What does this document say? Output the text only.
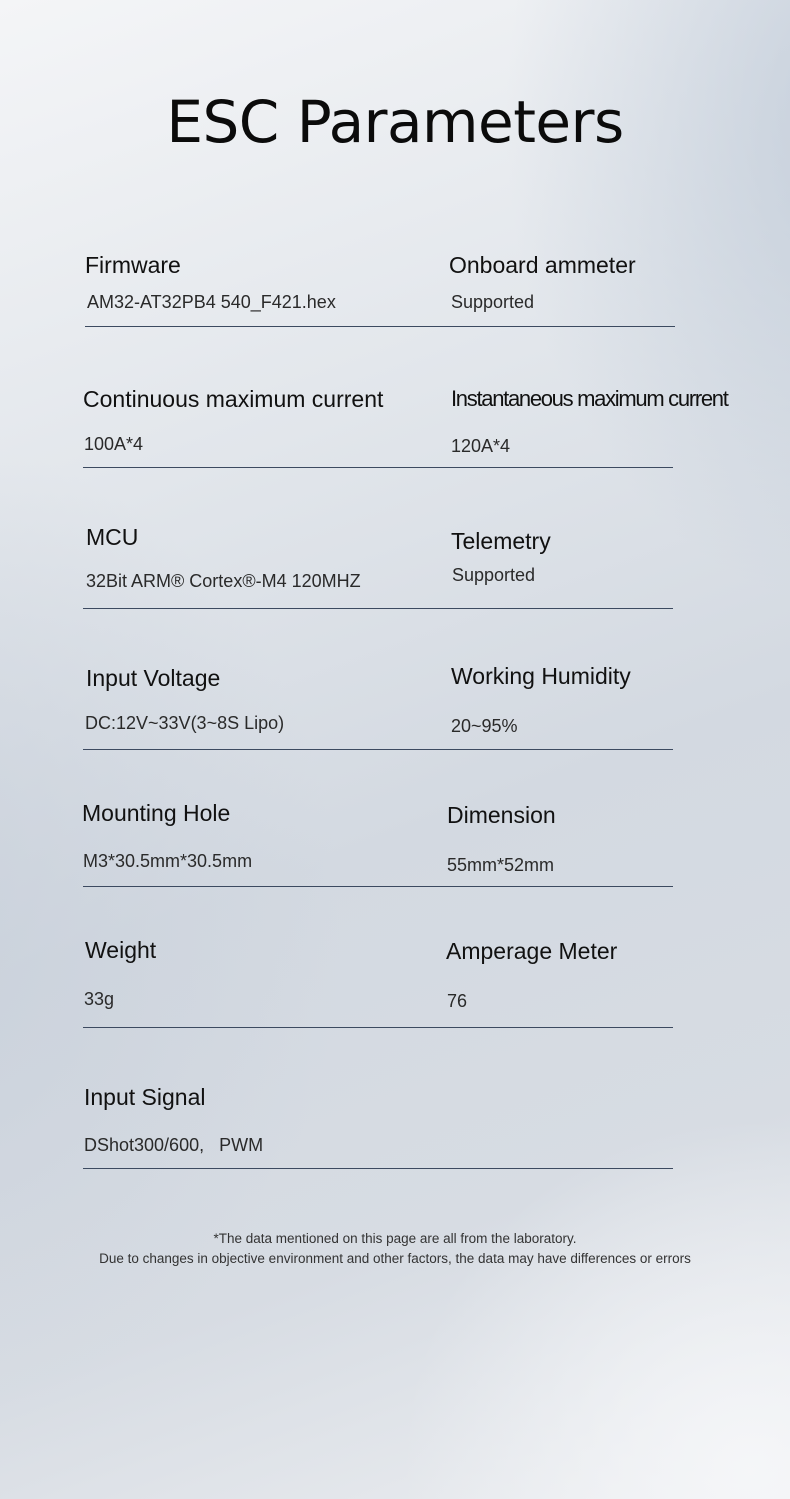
ESC Parameters
Firmware
AM32-AT32PB4 540_F421.hex
Onboard ammeter
Supported
Continuous maximum current
100A*4
Instantaneous maximum current
120A*4
MCU
32Bit ARM® Cortex®-M4 120MHZ
Telemetry
Supported
Input Voltage
DC:12V~33V(3~8S Lipo)
Working Humidity
20~95%
Mounting Hole
M3*30.5mm*30.5mm
Dimension
55mm*52mm
Weight
33g
Amperage Meter
76
Input Signal
DShot300/600,   PWM
*The data mentioned on this page are all from the laboratory.
Due to changes in objective environment and other factors, the data may have differences or errors
